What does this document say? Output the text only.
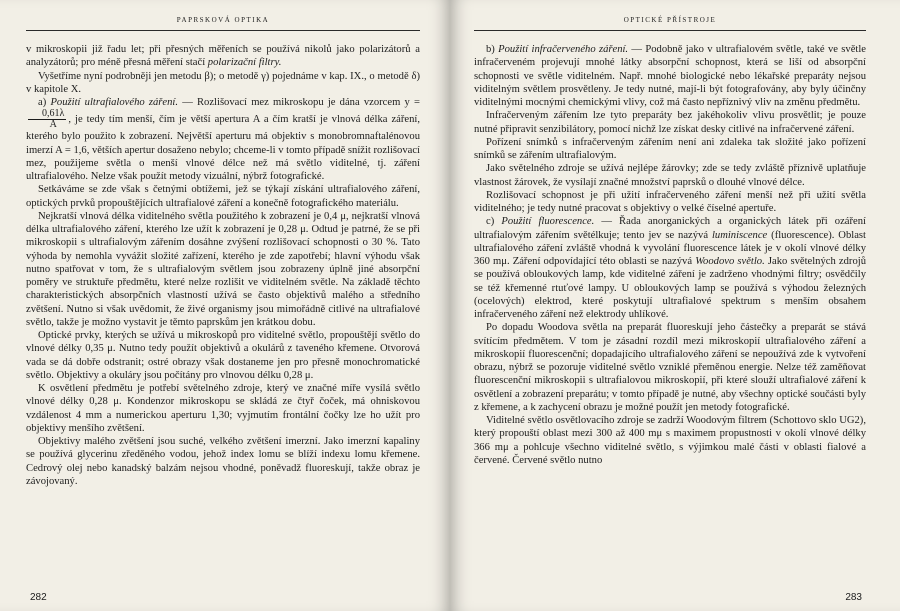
PAPRSKOVÁ OPTIKA

v mikroskopii již řadu let; při přesných měřeních se používá nikolů jako polarizátorů a analyzátorů; pro méně přesná měření stačí polarizační filtry.

Vyšetříme nyní podrobněji jen metodu β); o metodě γ) pojednáme v kap. IX., o metodě δ) v kapitole X.

a) Použití ultrafialového záření. — Rozlišovací mez mikroskopu je dána vzorcem y =
$\frac{0,61\lambda}{A}$ , je tedy tím menší, čím je větší apertura A a čím kratší je vlnová délka záření, kterého bylo použito k zobrazení. Největší aperturu má objektiv s monobromnaftalénovou imerzí A = 1,6, větších apertur dosaženo nebylo; chceme-li v tomto případě snížit rozlišovací mez, použijeme světla o menší vlnové délce než má světlo viditelné, tj. záření ultrafialového. Nelze však použít metody vizuální, nýbrž fotografické.

Setkáváme se zde však s četnými obtížemi, jež se týkají získání ultrafialového záření, optických prvků propouštějících ultrafialové záření a konečně fotografického materiálu.

Nejkratší vlnová délka viditelného světla použitého k zobrazení je 0,4 μ, nejkratší vlnová délka ultrafialového záření, kterého lze užít k zobrazení je 0,28 μ. Odtud je patrné, že se při mikroskopii s ultrafialovým zářením dosáhne zvýšení rozlišovací schopnosti o 30 %. Tato výhoda by nemohla vyvážit složité zařízení, kterého je zde zapotřebí; hlavní výhodu však nutno spatřovat v tom, že s ultrafialovým světlem jsou zobrazeny úplně jiné absorpční poměry ve struktuře předmětu, které nelze rozlišit ve viditelném světle. Na základě těchto charakteristických absorpčních vlastností užívá se často objektivů malého a středního zvětšení. Nutno si však uvědomit, že živé organismy jsou mimořádně citlivé na ultrafialové světlo, takže je možno vystavit je těmto paprskům jen krátkou dobu.

Optické prvky, kterých se užívá u mikroskopů pro viditelné světlo, propouštějí světlo do vlnové délky 0,35 μ. Nutno tedy použít objektivů a okulárů z taveného křemene. Otvorová vada se dá dobře odstranit; ostré obrazy však dostaneme jen pro přesně monochromatické světlo. Objektivy a okuláry jsou počítány pro vlnovou délku 0,28 μ.

K osvětlení předmětu je potřebí světelného zdroje, který ve značné míře vysílá světlo vlnové délky 0,28 μ. Kondenzor mikroskopu se skládá ze čtyř čoček, má ohniskovou vzdálenost 4 mm a numerickou aperturu 1,30; vyjmutím frontální čočky lze ho užít pro objektivy menšího zvětšení.

Objektivy malého zvětšení jsou suché, velkého zvětšení imerzní. Jako imerzní kapaliny se používá glycerinu zředěného vodou, jehož index lomu se blíží indexu lomu křemene. Cedrový olej nebo kanadský balzám nejsou vhodné, poněvadž fluoreskují, takže obraz je závojovaný.

282
OPTICKÉ PŘÍSTROJE

b) Použití infračerveného záření. — Podobně jako v ultrafialovém světle, také ve světle infračerveném projevují mnohé látky absorpční schopnost, která se liší od absorpční schopnosti ve světle viditelném. Např. mnohé biologické nebo lékařské preparáty nejsou viditelným světlem prosvětleny. Je tedy nutné, mají-li být fotografovány, aby byly účinčny viditelnými mocnými chemickými vlivy, což má často nepříznivý vliv na změnu předmětu.

Infračerveným zářením lze tyto preparáty bez jakéhokoliv vlivu prosvětlit; je pouze nutné připravit senzibilátory, pomocí nichž lze získat desky citlivé na infračervené záření.

Pořízení snímků s infračerveným zářením není ani zdaleka tak složité jako pořízení snímků se zářením ultrafialovým.

Jako světelného zdroje se užívá nejlépe žárovky; zde se tedy zvláště příznivě uplatňuje vlastnost žárovek, že vysílají značné množství paprsků o dlouhé vlnové délce.

Rozlišovací schopnost je při užití infračerveného záření menší než při užití světla viditelného; je tedy nutné pracovat s objektivy o velké číselné apertuře.

c) Použití fluorescence. — Řada anorganických a organických látek při ozáření ultrafialovým zářením světélkuje; tento jev se nazývá luminiscence (fluorescence). Oblast ultrafialového záření zvláště vhodná k vyvolání fluorescence látek je v okolí vlnové délky 360 mμ. Záření odpovídající této oblasti se nazývá Woodovo světlo. Jako světelných zdrojů se používá obloukových lamp, kde viditelné záření je zadrženo vhodnými filtry; osvědčily se též křemenné rtuťové lampy. U obloukových lamp se používá s výhodou železných (ocelových) elektrod, které poskytují ultrafialové spektrum s menším obsahem infračerveného záření než elektrody uhlíkové.

Po dopadu Woodova světla na preparát fluoreskují jeho částečky a preparát se stává svítícím předmětem. V tom je zásadní rozdíl mezi mikroskopií ultrafialového záření a mikroskopií fluorescenční; dopadajícího ultrafialového záření se nepoužívá zde k vytvoření obrazu, nýbrž se pozoruje viditelné světlo vzniklé přeměnou energie. Nelze též zaměňovat fluorescenční mikroskopii s ultrafialovou mikroskopií, při které slouží ultrafialové záření k osvětlení a zobrazení preparátu; v tomto případě je nutné, aby všechny optické součásti byly z křemene, a k zachycení obrazu je možné použít jen metody fotografické.

Viditelné světlo osvětlovacího zdroje se zadrží Woodovým filtrem (Schottovo sklo UG2), který propouští oblast mezi 300 až 400 mμ s maximem propustnosti v okolí vlnové délky 366 mμ a pohlcuje všechno viditelné světlo, s výjimkou malé části v oblasti fialové a červené. Červené světlo nutno

283
